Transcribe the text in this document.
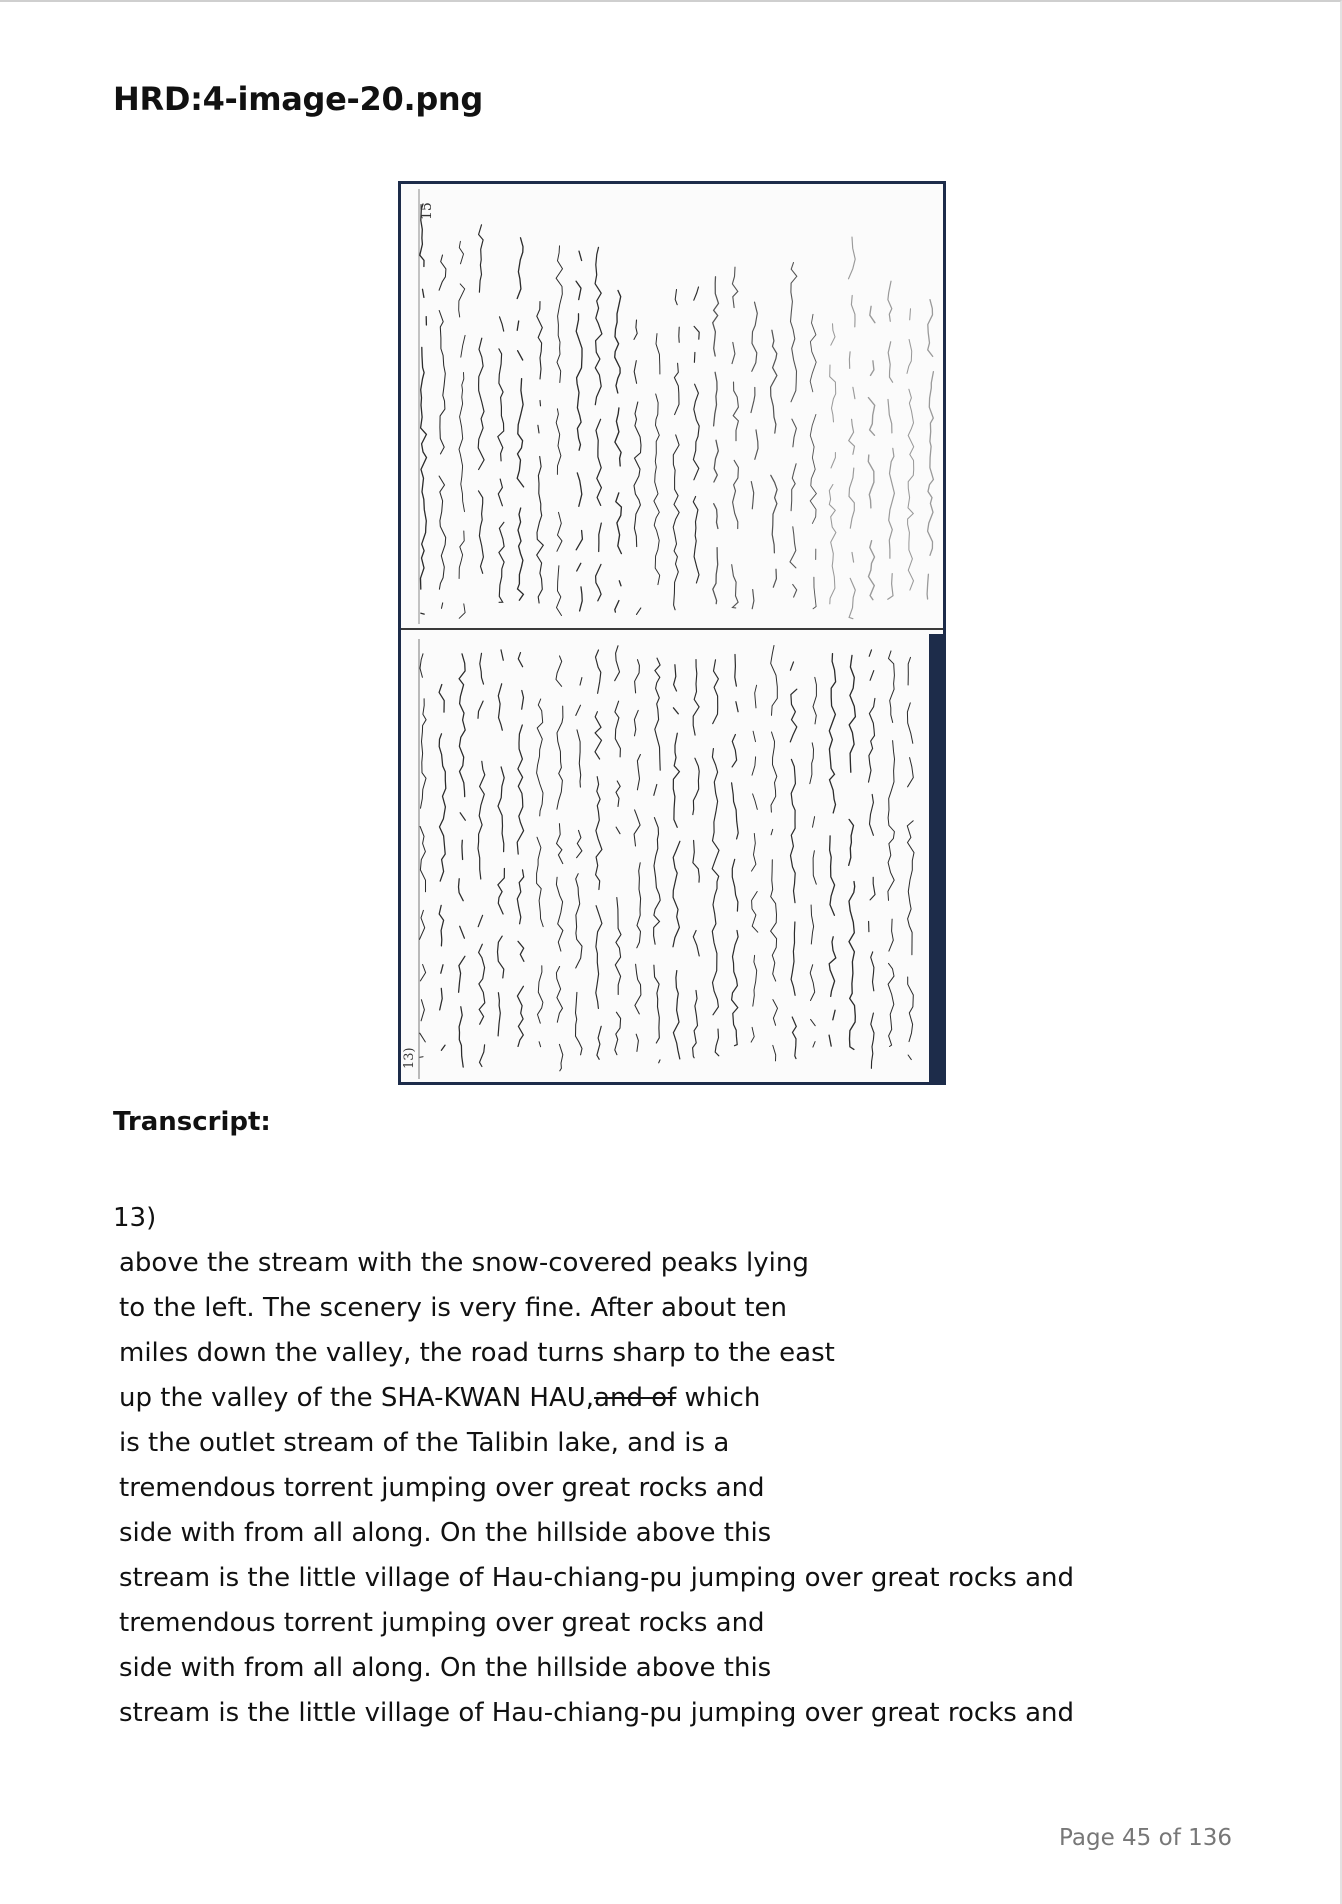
HRD:4-image-20.png
13)
15
Transcript:
13)
above the stream with the snow-covered peaks lying
to the left. The scenery is very fine. After about ten
miles down the valley, the road turns sharp to the east
up the valley of the SHA-KWAN HAU,and of which
is the outlet stream of the Talibin lake, and is a
tremendous torrent jumping over great rocks and
side with from all along. On the hillside above this
stream is the little village of Hau-chiang-pu jumping over great rocks and
tremendous torrent jumping over great rocks and
side with from all along. On the hillside above this
stream is the little village of Hau-chiang-pu jumping over great rocks and
Page 45 of 136
